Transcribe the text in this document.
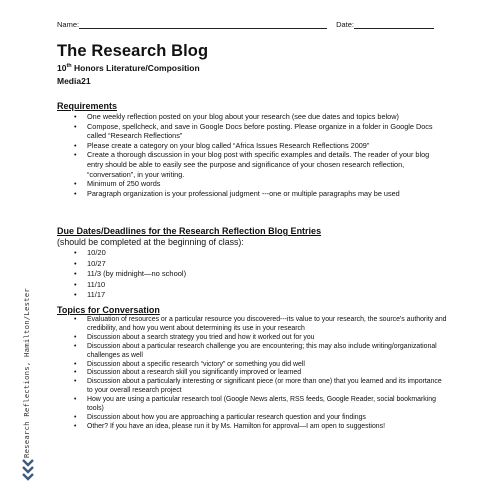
Name:	Date:
The Research Blog
10th Honors Literature/Composition
Media21
Requirements
• One weekly reflection posted on your blog about your research (see due dates and topics below)
• Compose, spellcheck, and save in Google Docs before posting. Please organize in a folder in Google Docs called “Research Reflections”
• Please create a category on your blog called “Africa Issues Research Reflections 2009”
• Create a thorough discussion in your blog post with specific examples and details. The reader of your blog entry should be able to easily see the purpose and significance of your chosen research reflection, “conversation”, in your writing.
• Minimum of 250 words
• Paragraph organization is your professional judgment ---one or multiple paragraphs may be used
Due Dates/Deadlines for the Research Reflection Blog Entries
(should be completed at the beginning of class):
• 10/20
• 10/27
• 11/3 (by midnight—no school)
• 11/10
• 11/17
Topics for Conversation
• Evaluation of resources or a particular resource you discovered---its value to your research, the source’s authority and credibility, and how you went about determining its use in your research
• Discussion about a search strategy you tried and how it worked out for you
• Discussion about a particular research challenge you are encountering; this may also include writing/organizational challenges as well
• Discussion about a specific research “victory” or something you did well
• Discussion about a research skill you significantly improved or learned
• Discussion about a particularly interesting or significant piece (or more than one) that you learned and its importance to your overall research project
• How you are using a particular research tool (Google News alerts, RSS feeds, Google Reader, social bookmarking tools)
• Discussion about how you are approaching a particular research question and your findings
• Other? If you have an idea, please run it by Ms. Hamilton for approval—I am open to suggestions!
Research Reflections, Hamilton/Lester
